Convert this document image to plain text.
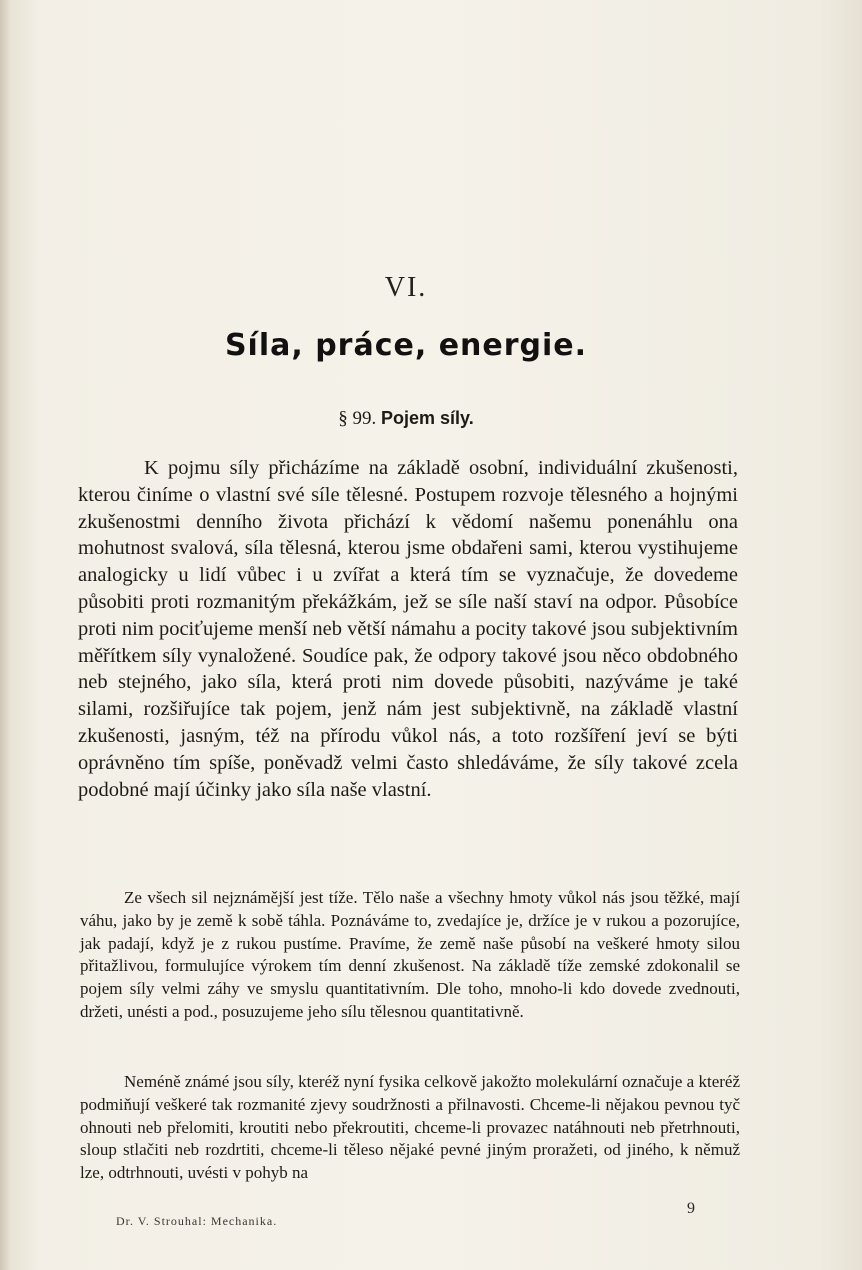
VI.
Síla, práce, energie.
§ 99. Pojem síly.

K pojmu síly přicházíme na základě osobní, individuální zkušenosti, kterou činíme o vlastní své síle tělesné. Postupem rozvoje tělesného a hojnými zkušenostmi denního života přichází k vědomí našemu ponenáhlu ona mohutnost svalová, síla tělesná, kterou jsme obdařeni sami, kterou vystihujeme analogicky u lidí vůbec i u zvířat a která tím se vyznačuje, že dovedeme působiti proti rozmanitým překážkám, jež se síle naší staví na odpor. Působíce proti nim pociťujeme menší neb větší námahu a pocity takové jsou subjektivním měřítkem síly vynaložené. Soudíce pak, že odpory takové jsou něco obdobného neb stejného, jako síla, která proti nim dovede působiti, nazýváme je také silami, rozšiřujíce tak pojem, jenž nám jest subjektivně, na základě vlastní zkušenosti, jasným, též na přírodu vůkol nás, a toto rozšíření jeví se býti oprávněno tím spíše, poněvadž velmi často shledáváme, že síly takové zcela podobné mají účinky jako síla naše vlastní.

Ze všech sil nejznámější jest tíže. Tělo naše a všechny hmoty vůkol nás jsou těžké, mají váhu, jako by je země k sobě táhla. Poznáváme to, zvedajíce je, držíce je v rukou a pozorujíce, jak padají, když je z rukou pustíme. Pravíme, že země naše působí na veškeré hmoty silou přitažlivou, formulujíce výrokem tím denní zkušenost. Na základě tíže zemské zdokonalil se pojem síly velmi záhy ve smyslu quantitativním. Dle toho, mnoho-li kdo dovede zvednouti, držeti, unésti a pod., posuzujeme jeho sílu tělesnou quantitativně.

Neméně známé jsou síly, kteréž nyní fysika celkově jakožto molekulární označuje a kteréž podmiňují veškeré tak rozmanité zjevy soudržnosti a přilnavosti. Chceme-li nějakou pevnou tyč ohnouti neb přelomiti, kroutiti nebo překroutiti, chceme-li provazec natáhnouti neb přetrhnouti, sloup stlačiti neb rozdrtiti, chceme-li těleso nějaké pevné jiným proražeti, od jiného, k němuž lze, odtrhnouti, uvésti v pohyb na

Dr. V. Strouhal: Mechanika.
9
